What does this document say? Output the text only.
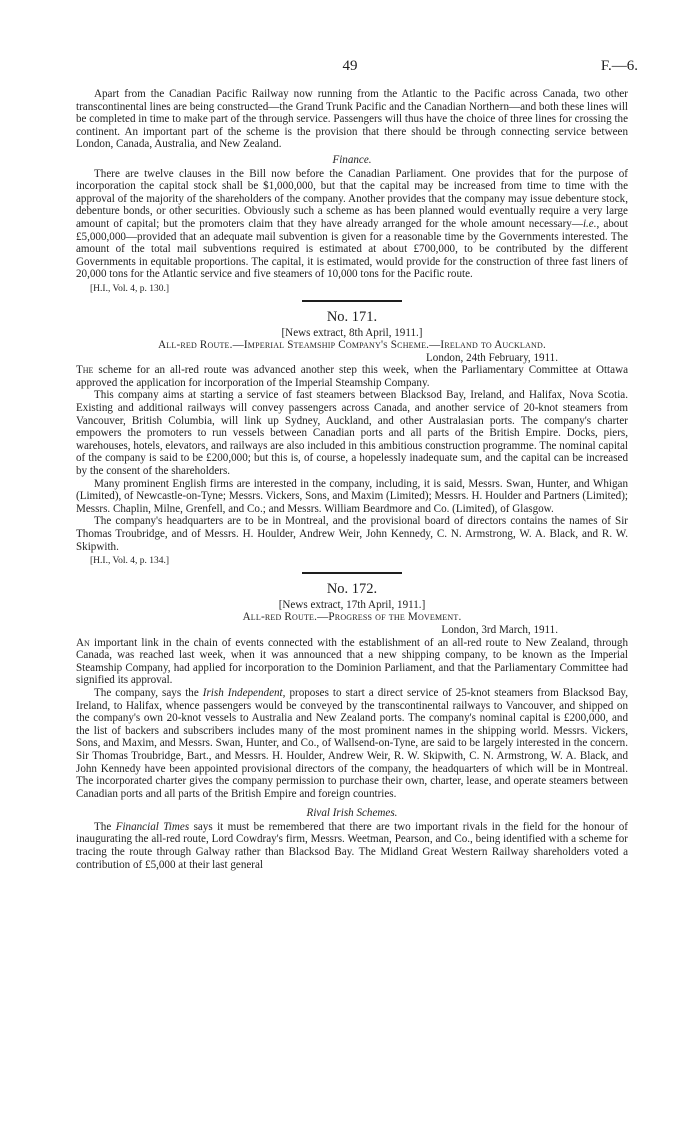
49	F.—6.

Apart from the Canadian Pacific Railway now running from the Atlantic to the Pacific across Canada, two other transcontinental lines are being constructed—the Grand Trunk Pacific and the Canadian Northern—and both these lines will be completed in time to make part of the through service. Passengers will thus have the choice of three lines for crossing the continent. An important part of the scheme is the provision that there should be through connecting service between London, Canada, Australia, and New Zealand.

Finance.

There are twelve clauses in the Bill now before the Canadian Parliament. One provides that for the purpose of incorporation the capital stock shall be $1,000,000, but that the capital may be increased from time to time with the approval of the majority of the shareholders of the company. Another provides that the company may issue debenture stock, debenture bonds, or other securities. Obviously such a scheme as has been planned would eventually require a very large amount of capital; but the promoters claim that they have already arranged for the whole amount necessary—i.e., about £5,000,000—provided that an adequate mail subvention is given for a reasonable time by the Governments interested. The amount of the total mail subventions required is estimated at about £700,000, to be contributed by the different Governments in equitable proportions. The capital, it is estimated, would provide for the construction of three fast liners of 20,000 tons for the Atlantic service and five steamers of 10,000 tons for the Pacific route.

[H.I., Vol. 4, p. 130.]
No. 171.
[News extract, 8th April, 1911.]
All-red Route.—Imperial Steamship Company's Scheme.—Ireland to Auckland.
London, 24th February, 1911.

The scheme for an all-red route was advanced another step this week, when the Parliamentary Committee at Ottawa approved the application for incorporation of the Imperial Steamship Company.

This company aims at starting a service of fast steamers between Blacksod Bay, Ireland, and Halifax, Nova Scotia. Existing and additional railways will convey passengers across Canada, and another service of 20-knot steamers from Vancouver, British Columbia, will link up Sydney, Auckland, and other Australasian ports. The company's charter empowers the promoters to run vessels between Canadian ports and all parts of the British Empire. Docks, piers, warehouses, hotels, elevators, and railways are also included in this ambitious construction programme. The nominal capital of the company is said to be £200,000; but this is, of course, a hopelessly inadequate sum, and the capital can be increased by the consent of the shareholders.

Many prominent English firms are interested in the company, including, it is said, Messrs. Swan, Hunter, and Whigan (Limited), of Newcastle-on-Tyne; Messrs. Vickers, Sons, and Maxim (Limited); Messrs. H. Houlder and Partners (Limited); Messrs. Chaplin, Milne, Grenfell, and Co.; and Messrs. William Beardmore and Co. (Limited), of Glasgow.

The company's headquarters are to be in Montreal, and the provisional board of directors contains the names of Sir Thomas Troubridge, and of Messrs. H. Houlder, Andrew Weir, John Kennedy, C. N. Armstrong, W. A. Black, and R. W. Skipwith.

[H.I., Vol. 4, p. 134.]
No. 172.
[News extract, 17th April, 1911.]
All-red Route.—Progress of the Movement.
London, 3rd March, 1911.

An important link in the chain of events connected with the establishment of an all-red route to New Zealand, through Canada, was reached last week, when it was announced that a new shipping company, to be known as the Imperial Steamship Company, had applied for incorporation to the Dominion Parliament, and that the Parliamentary Committee had signified its approval.

The company, says the Irish Independent, proposes to start a direct service of 25-knot steamers from Blacksod Bay, Ireland, to Halifax, whence passengers would be conveyed by the transcontinental railways to Vancouver, and shipped on the company's own 20-knot vessels to Australia and New Zealand ports. The company's nominal capital is £200,000, and the list of backers and subscribers includes many of the most prominent names in the shipping world. Messrs. Vickers, Sons, and Maxim, and Messrs. Swan, Hunter, and Co., of Wallsend-on-Tyne, are said to be largely interested in the concern. Sir Thomas Troubridge, Bart., and Messrs. H. Houlder, Andrew Weir, R. W. Skipwith, C. N. Armstrong, W. A. Black, and John Kennedy have been appointed provisional directors of the company, the headquarters of which will be in Montreal. The incorporated charter gives the company permission to purchase their own, charter, lease, and operate steamers between Canadian ports and all parts of the British Empire and foreign countries.

Rival Irish Schemes.

The Financial Times says it must be remembered that there are two important rivals in the field for the honour of inaugurating the all-red route, Lord Cowdray's firm, Messrs. Weetman, Pearson, and Co., being identified with a scheme for tracing the route through Galway rather than Blacksod Bay. The Midland Great Western Railway shareholders voted a contribution of £5,000 at their last general
